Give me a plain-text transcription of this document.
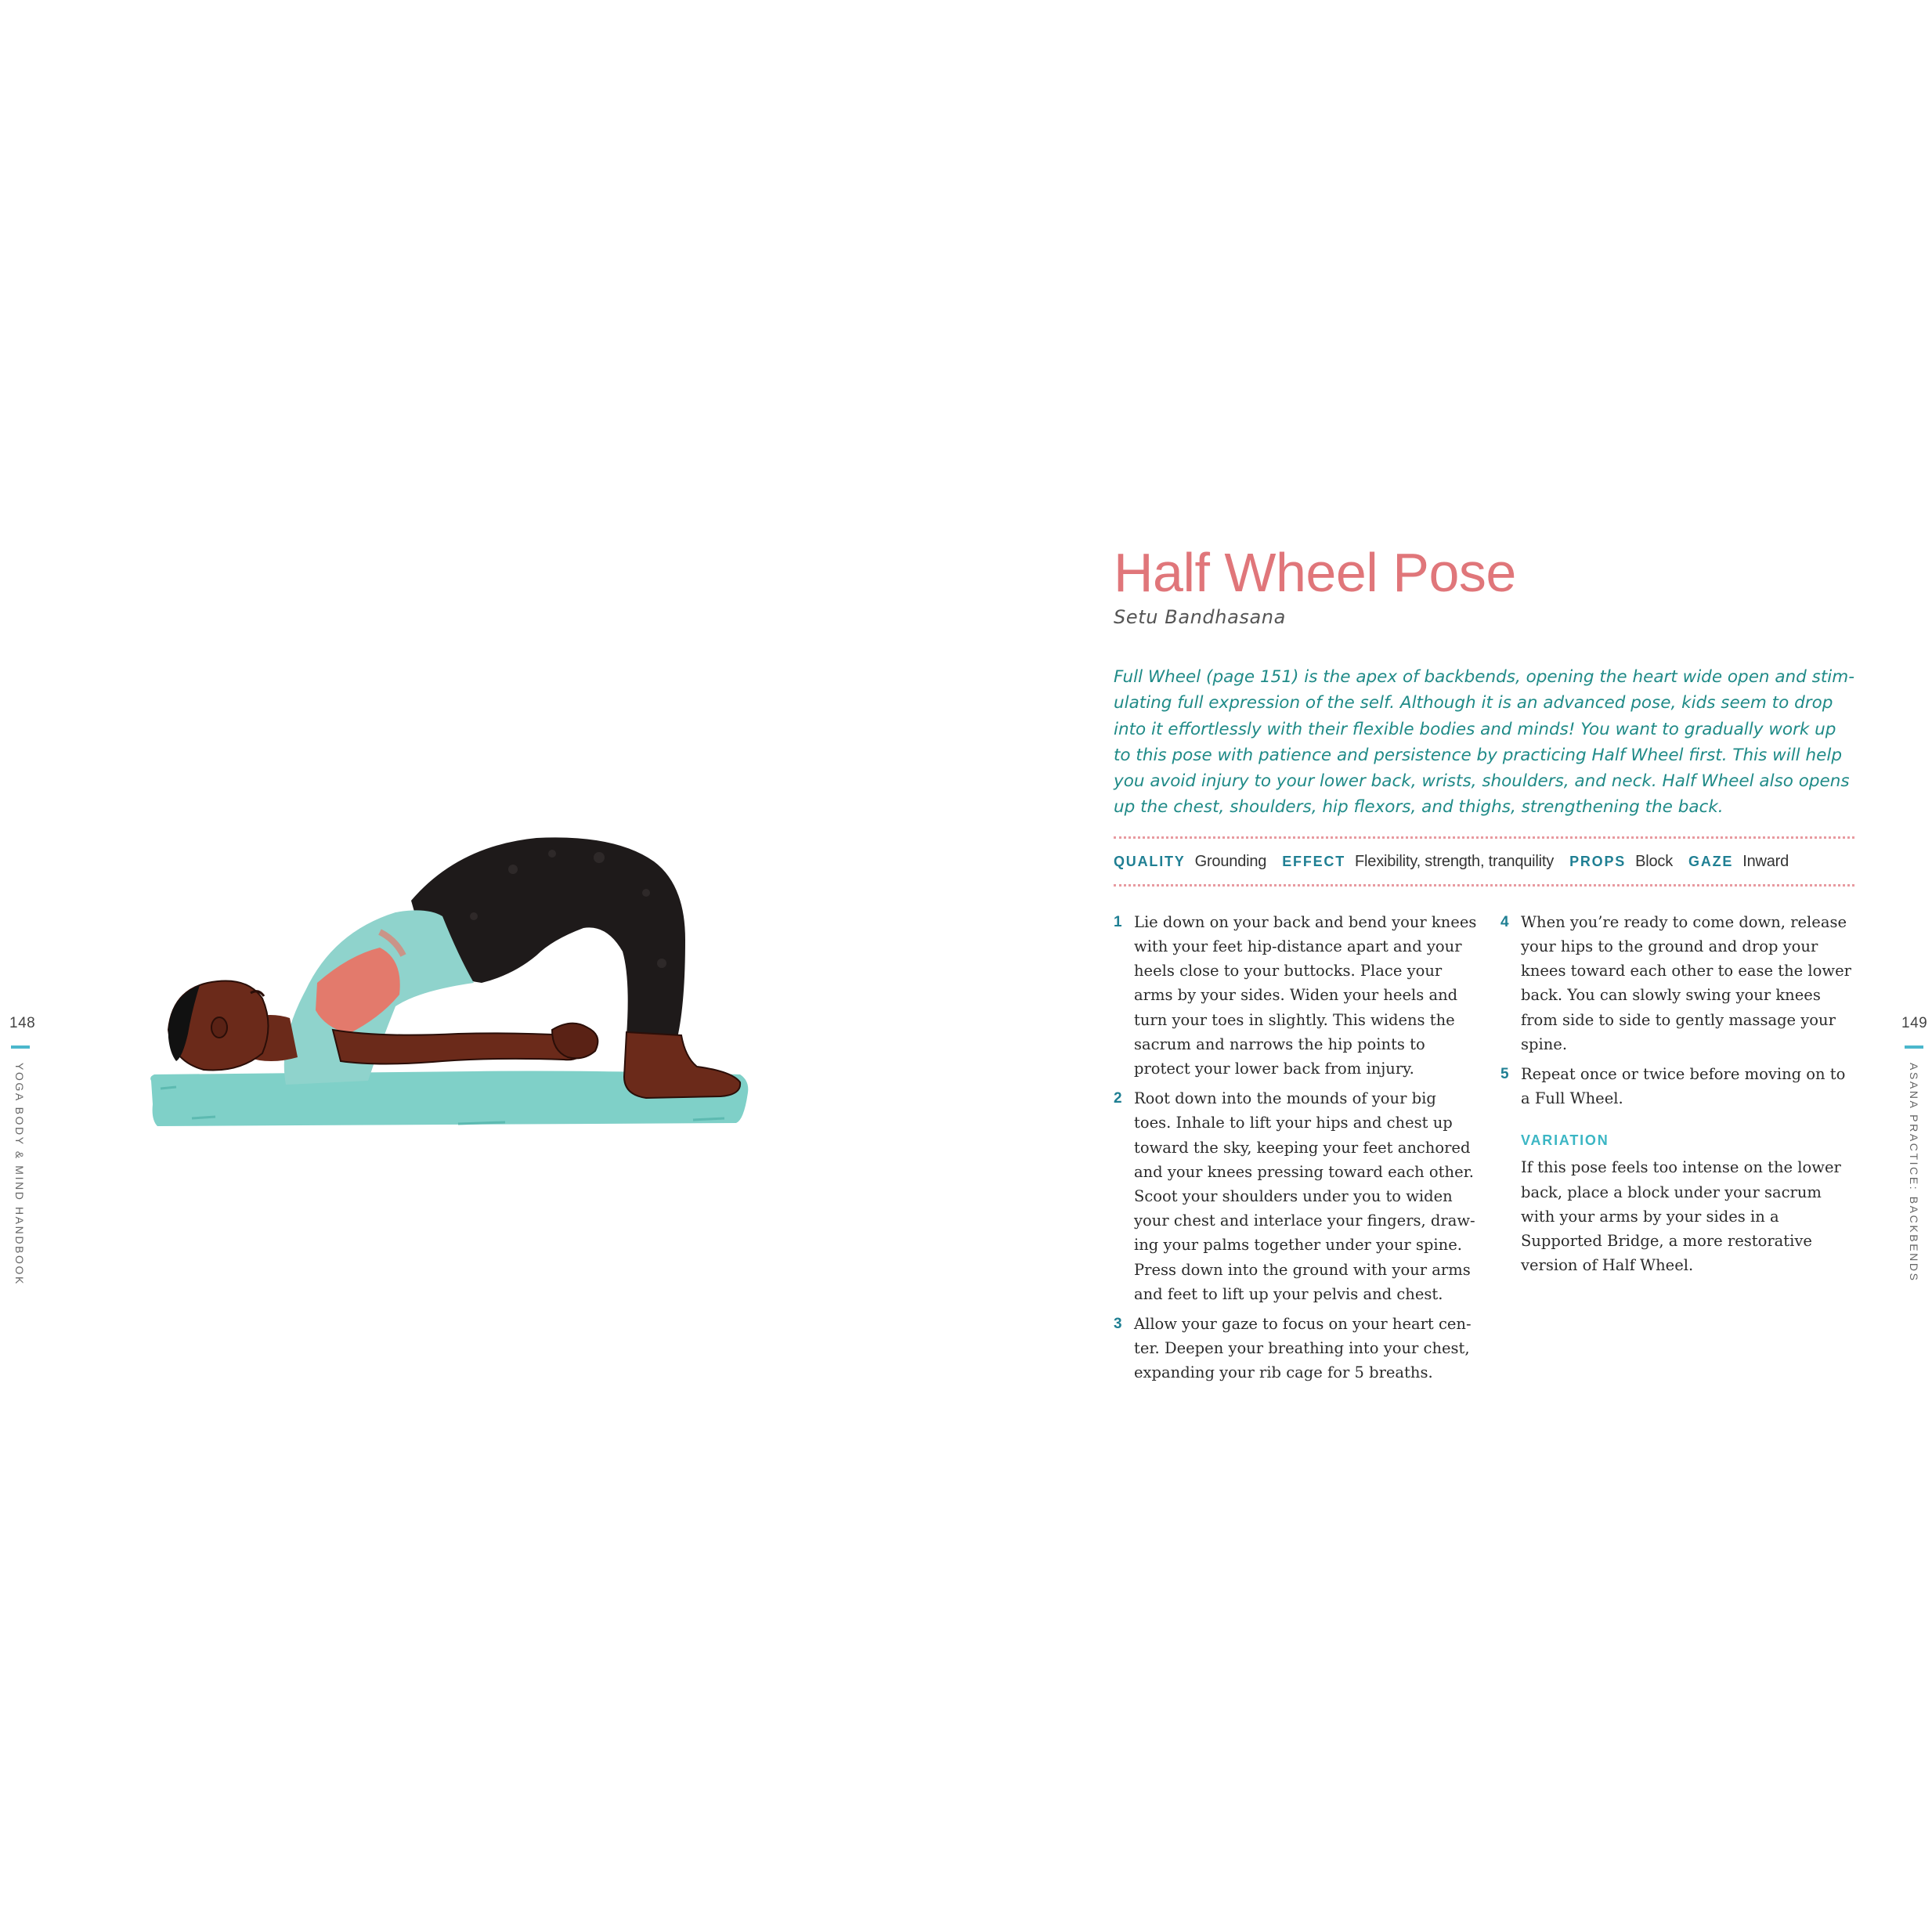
148
YOGA BODY & MIND HANDBOOK
149
ASANA PRACTICE: BACKBENDS
Half Wheel Pose
Setu Bandhasana
Full Wheel (page 151) is the apex of backbends, opening the heart wide open and stim-ulating full expression of the self. Although it is an advanced pose, kids seem to drop into it effortlessly with their flexible bodies and minds! You want to gradually work up to this pose with patience and persistence by practicing Half Wheel first. This will help you avoid injury to your lower back, wrists, shoulders, and neck. Half Wheel also opens up the chest, shoulders, hip flexors, and thighs, strengthening the back.
QUALITY Grounding EFFECT Flexibility, strength, tranquility PROPS Block GAZE Inward
1 Lie down on your back and bend your knees with your feet hip-distance apart and your heels close to your buttocks. Place your arms by your sides. Widen your heels and turn your toes in slightly. This widens the sacrum and narrows the hip points to protect your lower back from injury.
2 Root down into the mounds of your big toes. Inhale to lift your hips and chest up toward the sky, keeping your feet anchored and your knees pressing toward each other. Scoot your shoulders under you to widen your chest and interlace your fingers, draw-ing your palms together under your spine. Press down into the ground with your arms and feet to lift up your pelvis and chest.
3 Allow your gaze to focus on your heart cen-ter. Deepen your breathing into your chest, expanding your rib cage for 5 breaths.
4 When you’re ready to come down, release your hips to the ground and drop your knees toward each other to ease the lower back. You can slowly swing your knees from side to side to gently massage your spine.
5 Repeat once or twice before moving on to a Full Wheel.
VARIATION
If this pose feels too intense on the lower back, place a block under your sacrum with your arms by your sides in a Supported Bridge, a more restorative version of Half Wheel.
